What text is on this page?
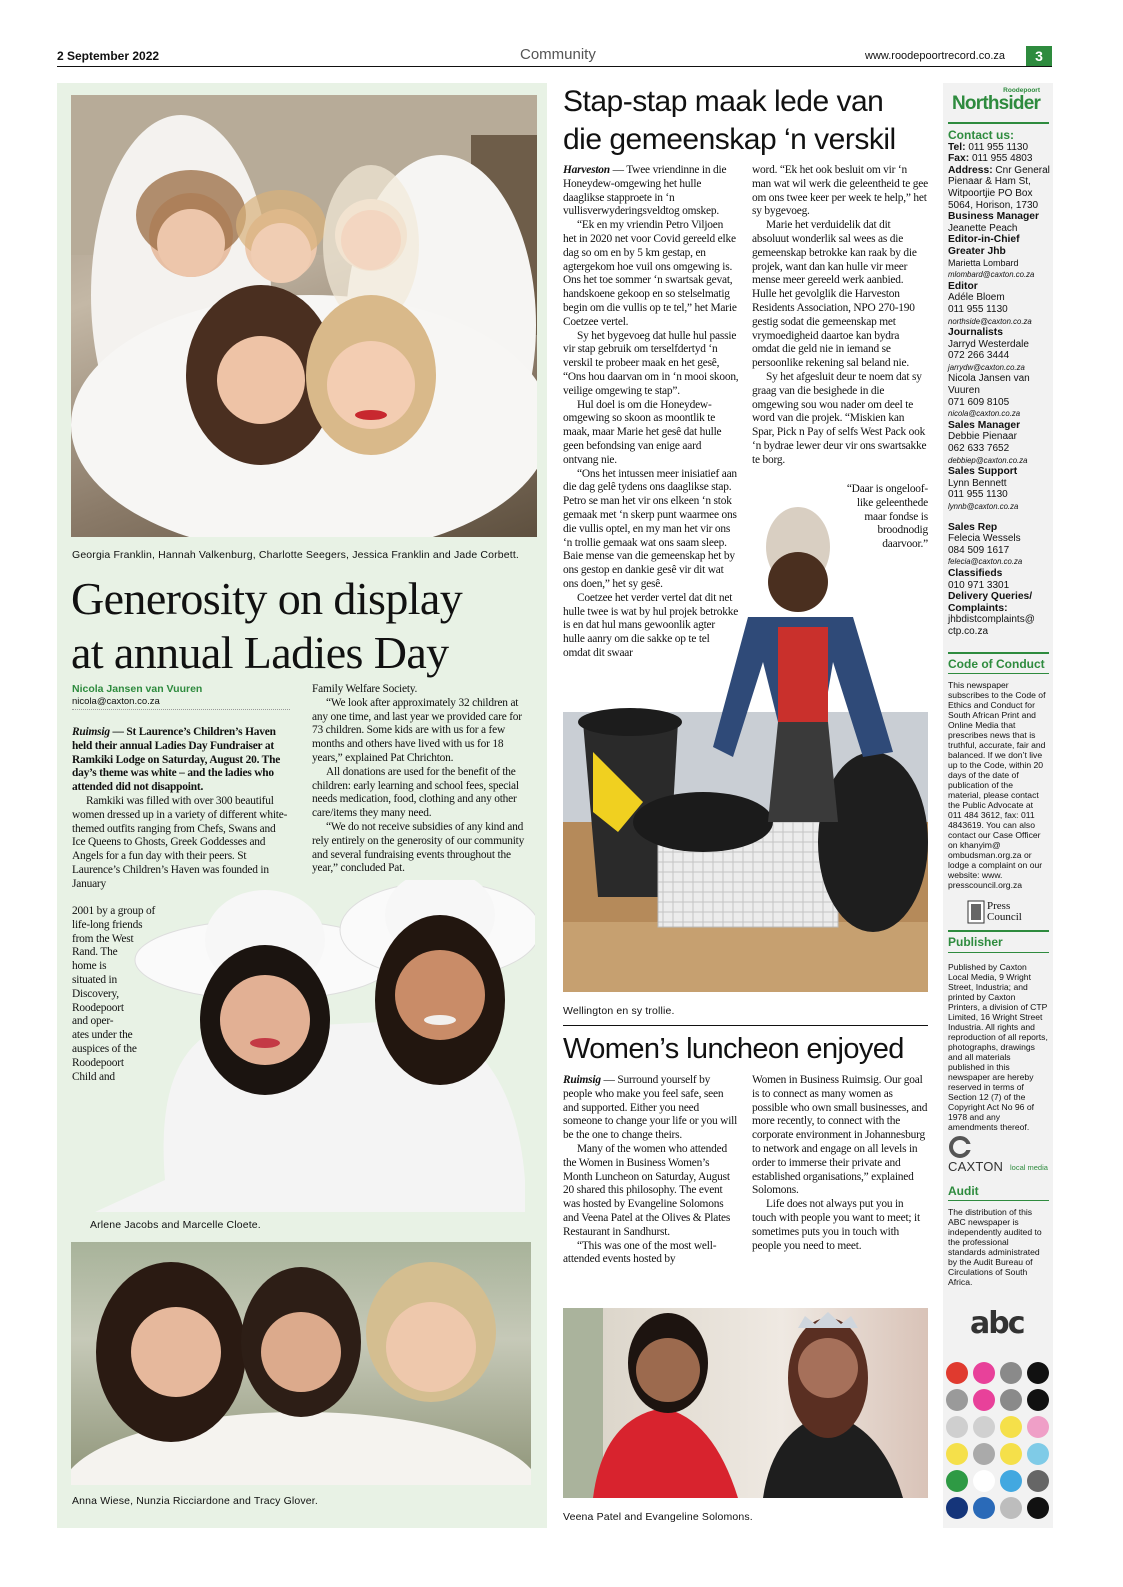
2 September 2022	Community	www.roodepoortrecord.co.za	3
Georgia Franklin, Hannah Valkenburg, Charlotte Seegers, Jessica Franklin and Jade Corbett.
Generosity on display
at annual Ladies Day
Nicola Jansen van Vuuren
nicola@caxton.co.za

Ruimsig — St Laurence’s Children’s Haven held their annual Ladies Day Fundraiser at Ramkiki Lodge on Saturday, August 20. The day’s theme was white – and the ladies who attended did not disappoint.

Ramkiki was filled with over 300 beautiful women dressed up in a variety of different white-themed outfits ranging from Chefs, Swans and Ice Queens to Ghosts, Greek Goddesses and Angels for a fun day with their peers. St Laurence’s Children’s Haven was founded in January

2001 by a group of
life-long friends
from the West
Rand. The
home is
situated in
Discovery,
Roodepoort
and oper-
ates under the
auspices of the
Roodepoort
Child and

Family Welfare Society.

“We look after approximately 32 children at any one time, and last year we provided care for 73 children. Some kids are with us for a few months and others have lived with us for 18 years,” explained Pat Chrichton.

All donations are used for the benefit of the children: early learning and school fees, special needs medication, food, clothing and any other care/items they many need.

“We do not receive subsidies of any kind and rely entirely on the generosity of our community and several fundraising events throughout the year,” concluded Pat.

Arlene Jacobs and Marcelle Cloete.
Anna Wiese, Nunzia Ricciardone and Tracy Glover.
Stap-stap maak lede van
die gemeenskap ‘n verskil

Harveston — Twee vriendinne in die Honeydew-omgewing het hulle daaglikse stapproete in ‘n vullisverwyderingsveldtog omskep.

“Ek en my vriendin Petro Viljoen het in 2020 net voor Covid gereeld elke dag so om en by 5 km gestap, en agtergekom hoe vuil ons omgewing is. Ons het toe sommer ‘n swartsak gevat, handskoene gekoop en so stelselmatig begin om die vullis op te tel,” het Marie Coetzee vertel.

Sy het bygevoeg dat hulle hul passie vir stap gebruik om terselfdertyd ‘n verskil te probeer maak en het gesê, “Ons hou daarvan om in ‘n mooi skoon, veilige omgewing te stap”.

Hul doel is om die Honeydew-omgewing so skoon as moontlik te maak, maar Marie het gesê dat hulle geen befondsing van enige aard ontvang nie.

“Ons het intussen meer inisiatief aan die dag gelê tydens ons daaglikse stap. Petro se man het vir ons elkeen ‘n stok gemaak met ‘n skerp punt waarmee ons die vullis optel, en my man het vir ons ‘n trollie gemaak wat ons saam sleep. Baie mense van die gemeenskap het by ons gestop en dankie gesê vir dit wat ons doen,” het sy gesê.

Coetzee het verder vertel dat dit net hulle twee is wat by hul projek betrokke is en dat hul mans gewoonlik agter hulle aanry om die sakke op te tel omdat dit swaar

word. “Ek het ook besluit om vir ‘n man wat wil werk die geleentheid te gee om ons twee keer per week te help,” het sy bygevoeg.

Marie het verduidelik dat dit absoluut wonderlik sal wees as die gemeenskap betrokke kan raak by die projek, want dan kan hulle vir meer mense meer gereeld werk aanbied. Hulle het gevolglik die Harveston Residents Association, NPO 270-190 gestig sodat die gemeenskap met vrymoedigheid daartoe kan bydra omdat die geld nie in iemand se persoonlike rekening sal beland nie.

Sy het afgesluit deur te noem dat sy graag van die besighede in die omgewing sou wou nader om deel te word van die projek. “Miskien kan Spar, Pick n Pay of selfs West Pack ook ‘n bydrae lewer deur vir ons swartsakke te borg.

“Daar is ongeloof-
like geleenthede
maar fondse is
broodnodig
daarvoor.”
Wellington en sy trollie.
Women’s luncheon enjoyed

Ruimsig — Surround yourself by people who make you feel safe, seen and supported. Either you need someone to change your life or you will be the one to change theirs.

Many of the women who attended the Women in Business Women’s Month Luncheon on Saturday, August 20 shared this philosophy. The event was hosted by Evangeline Solomons and Veena Patel at the Olives & Plates Restaurant in Sandhurst.

“This was one of the most well-attended events hosted by

Women in Business Ruimsig. Our goal is to connect as many women as possible who own small businesses, and more recently, to connect with the corporate environment in Johannesburg to network and engage on all levels in order to immerse their private and established organisations,” explained Solomons.

Life does not always put you in touch with people you want to meet; it sometimes puts you in touch with people you need to meet.

Veena Patel and Evangeline Solomons.
Roodepoort
Northsider
Contact us:
Tel: 011 955 1130
Fax: 011 955 4803
Address: Cnr General Pienaar & Ham St, Witpoortjie PO Box 5064, Horison, 1730
Business Manager
Jeanette Peach
Editor-in-Chief Greater Jhb
Marietta Lombard
mlombard@caxton.co.za
Editor
Adéle Bloem
011 955 1130
northside@caxton.co.za
Journalists
Jarryd Westerdale
072 266 3444
jarrydw@caxton.co.za
Nicola Jansen van Vuuren
071 609 8105
nicola@caxton.co.za
Sales Manager
Debbie Pienaar
062 633 7652
debbiep@caxton.co.za
Sales Support
Lynn Bennett
011 955 1130
lynnb@caxton.co.za
Sales Rep
Felecia Wessels
084 509 1617
felecia@caxton.co.za
Classifieds
010 971 3301
Delivery Queries/ Complaints:
jhbdistcomplaints@ ctp.co.za
Code of Conduct
This newspaper subscribes to the Code of Ethics and Conduct for South African Print and Online Media that prescribes news that is truthful, accurate, fair and balanced. If we don’t live up to the Code, within 20 days of the date of publication of the material, please contact the Public Advocate at 011 484 3612, fax: 011 4843619. You can also contact our Case Officer on khanyim@ ombudsman.org.za or lodge a complaint on our website: www. presscouncil.org.za
Press Council
Publisher
Published by Caxton Local Media, 9 Wright Street, Industria; and printed by Caxton Printers, a division of CTP Limited, 16 Wright Street Industria. All rights and reproduction of all reports, photographs, drawings and all materials published in this newspaper are hereby reserved in terms of Section 12 (7) of the Copyright Act No 96 of 1978 and any amendments thereof.
CAXTON local media
Audit
The distribution of this ABC newspaper is independently audited to the professional standards administrated by the Audit Bureau of Circulations of South Africa.
abc
